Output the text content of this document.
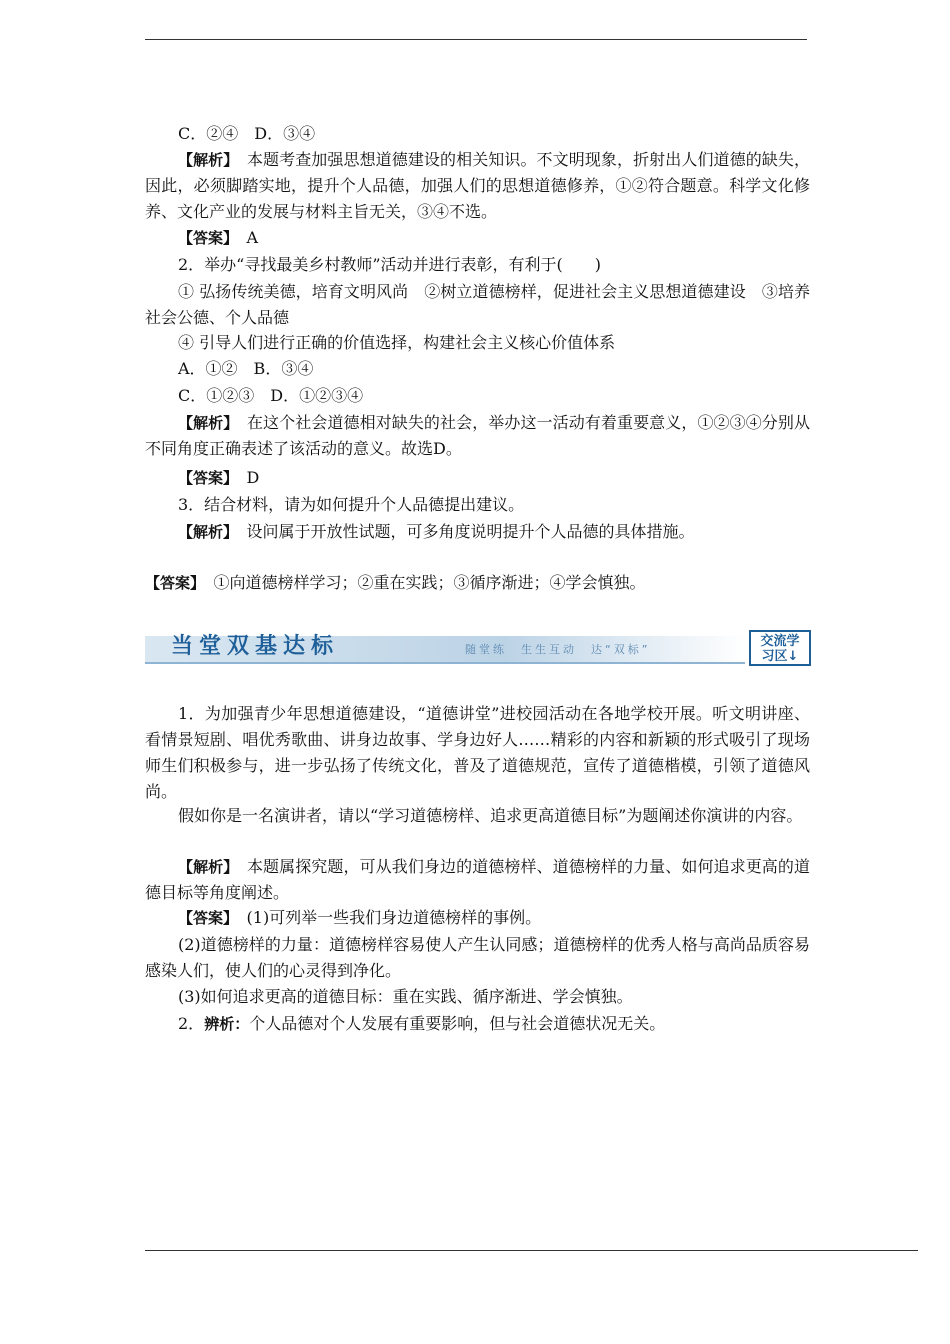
C．②④　D．③④
【解析】　本题考查加强思想道德建设的相关知识。不文明现象，折射出人们道德的缺失，因此，必须脚踏实地，提升个人品德，加强人们的思想道德修养，①②符合题意。科学文化修养、文化产业的发展与材料主旨无关，③④不选。
【答案】　A
2．举办“寻找最美乡村教师”活动并进行表彰，有利于(　　)
① 弘扬传统美德，培育文明风尚　②树立道德榜样，促进社会主义思想道德建设　③培养社会公德、个人品德
④ 引导人们进行正确的价值选择，构建社会主义核心价值体系
A．①②　B．③④
C．①②③　D．①②③④
【解析】　在这个社会道德相对缺失的社会，举办这一活动有着重要意义，①②③④分别从不同角度正确表述了该活动的意义。故选D。
【答案】　D
3．结合材料，请为如何提升个人品德提出建议。
【解析】　设问属于开放性试题，可多角度说明提升个人品德的具体措施。
【答案】　①向道德榜样学习；②重在实践；③循序渐进；④学会慎独。
当堂双基达标	随堂练　生生互动　达“双标”
交流学
习区↓
1．为加强青少年思想道德建设，“道德讲堂”进校园活动在各地学校开展。听文明讲座、看情景短剧、唱优秀歌曲、讲身边故事、学身边好人……精彩的内容和新颖的形式吸引了现场师生们积极参与，进一步弘扬了传统文化，普及了道德规范，宣传了道德楷模，引领了道德风尚。
假如你是一名演讲者，请以“学习道德榜样、追求更高道德目标”为题阐述你演讲的内容。
【解析】　本题属探究题，可从我们身边的道德榜样、道德榜样的力量、如何追求更高的道德目标等角度阐述。
【答案】　(1)可列举一些我们身边道德榜样的事例。
(2)道德榜样的力量：道德榜样容易使人产生认同感；道德榜样的优秀人格与高尚品质容易感染人们，使人们的心灵得到净化。
(3)如何追求更高的道德目标：重在实践、循序渐进、学会慎独。
2．辨析：个人品德对个人发展有重要影响，但与社会道德状况无关。
